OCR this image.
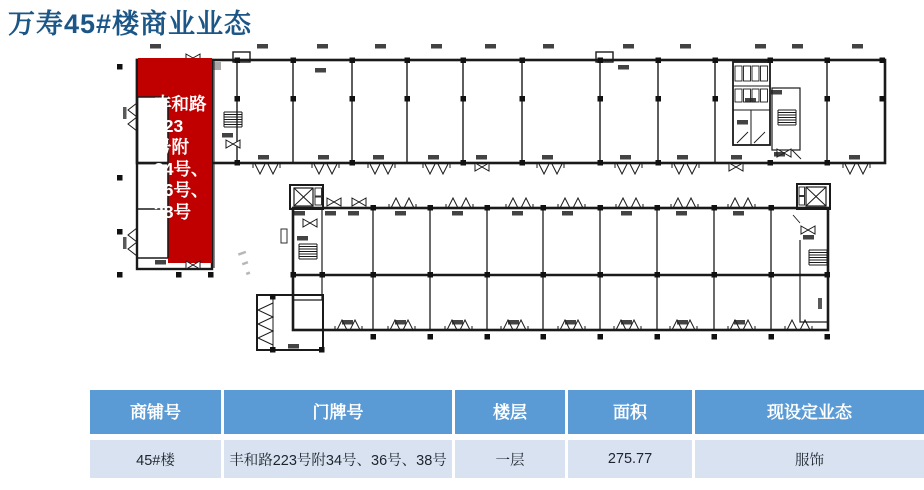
万寿45#楼商业业态
丰和路
223
号附
34号、
36号、
38号
商铺号	门牌号	楼层	面积	现设定业态
45#楼	丰和路223号附34号、36号、38号	一层	275.77	服饰
